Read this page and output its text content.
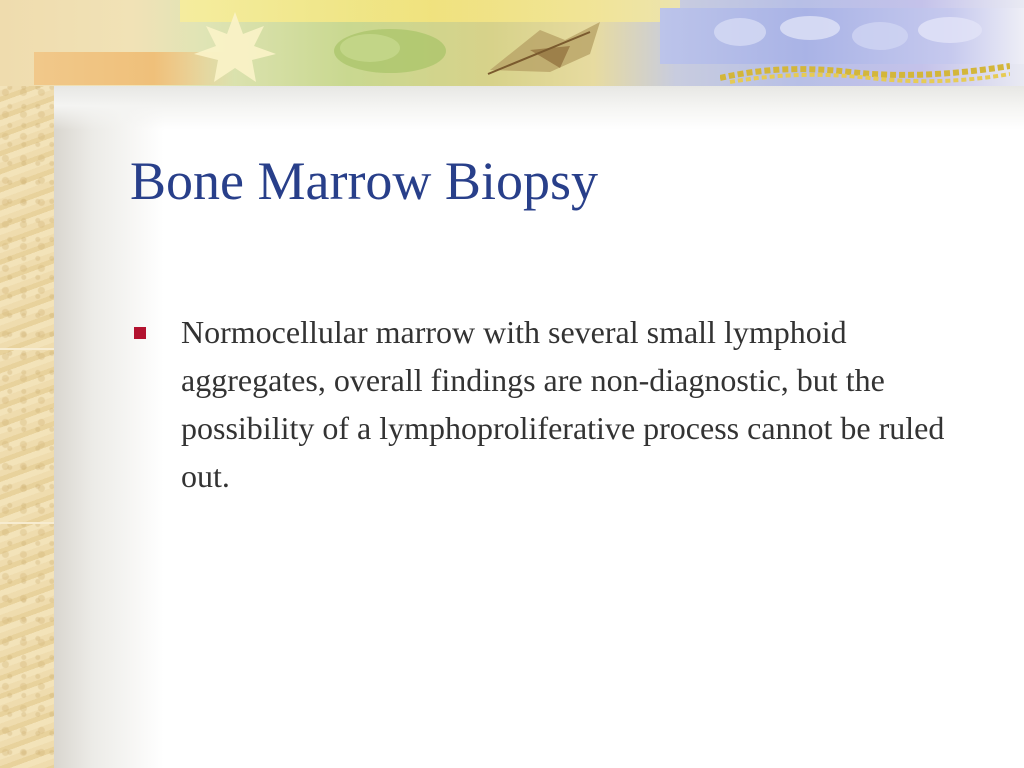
Bone Marrow Biopsy

Normocellular marrow with several small lymphoid aggregates, overall findings are non-diagnostic, but the possibility of a lymphoproliferative process cannot be ruled out.
